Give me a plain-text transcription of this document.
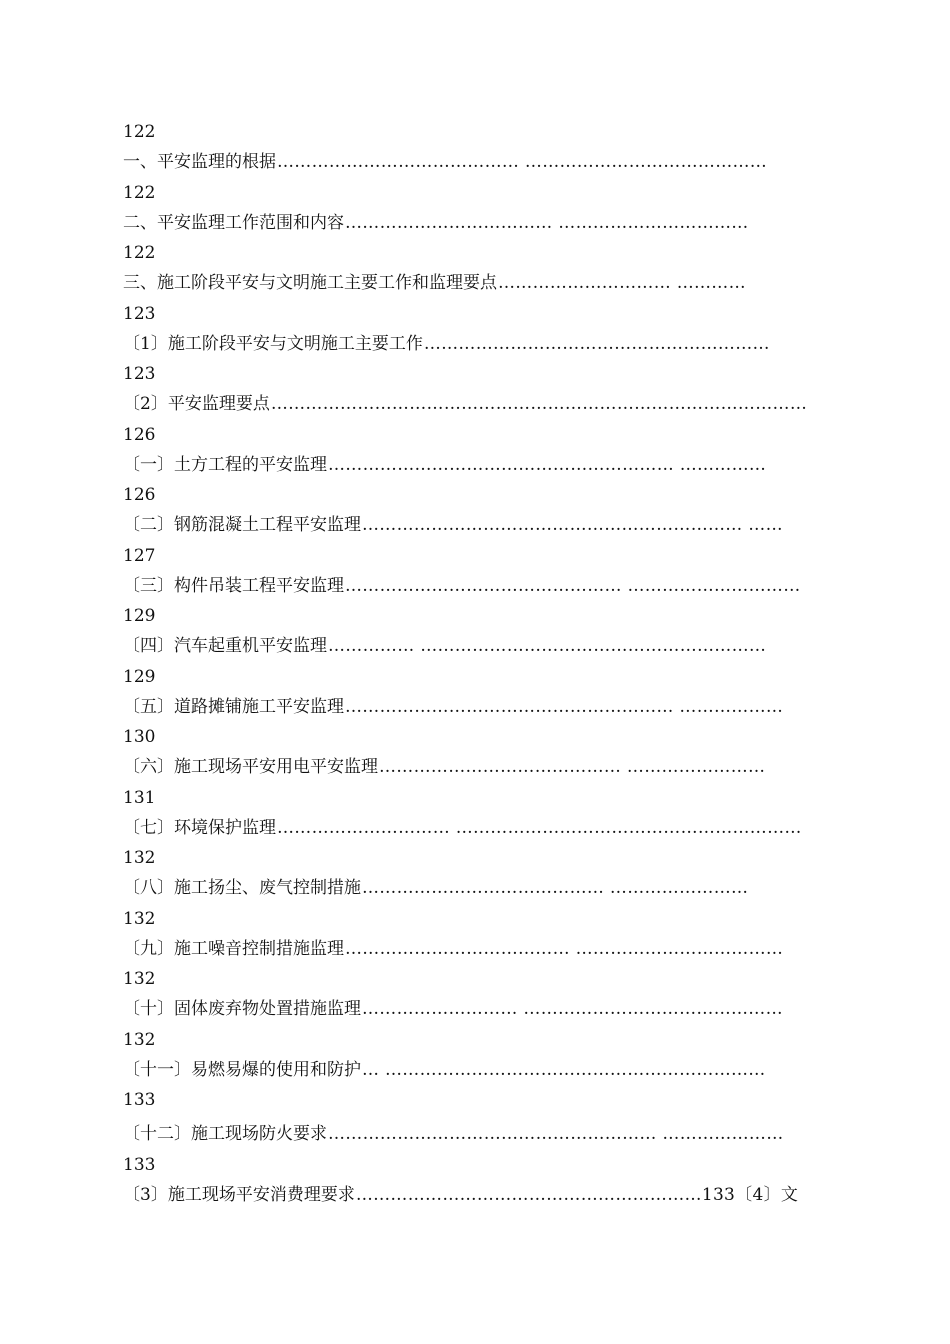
122
一、平安监理的根据 …………………………………… ……………………………………
122
二、平安监理工作范围和内容 ……………………………… ……………………………
122
三、施工阶段平安与文明施工主要工作和监理要点 ………………………… …………
123
〔1〕施工阶段平安与文明施工主要工作 ……………………………………………………
123
〔2〕平安监理要点 …………………………………………………………………………………
126
〔一〕土方工程的平安监理 …………………………………………………… ……………
126
〔二〕钢筋混凝土工程平安监理 ………………………………………………………… ……
127
〔三〕构件吊装工程平安监理 ………………………………………… …………………………
129
〔四〕汽车起重机平安监理 …………… ……………………………………………………
129
〔五〕道路摊铺施工平安监理 ………………………………………………… ………………
130
〔六〕施工现场平安用电平安监理 …………………………………… ……………………
131
〔七〕环境保护监理 ………………………… ……………………………………………………
132
〔八〕施工扬尘、废气控制措施 …………………………………… ……………………
132
〔九〕施工噪音控制措施监理 ………………………………… ………………………………
132
〔十〕固体废弃物处置措施监理 ……………………… ………………………………………
132
〔十一〕易燃易爆的使用和防护 … …………………………………………………………
133
〔十二〕施工现场防火要求 ………………………………………………… …………………
133
〔3〕施工现场平安消费理要求 ……………………………………………………133〔4〕文
